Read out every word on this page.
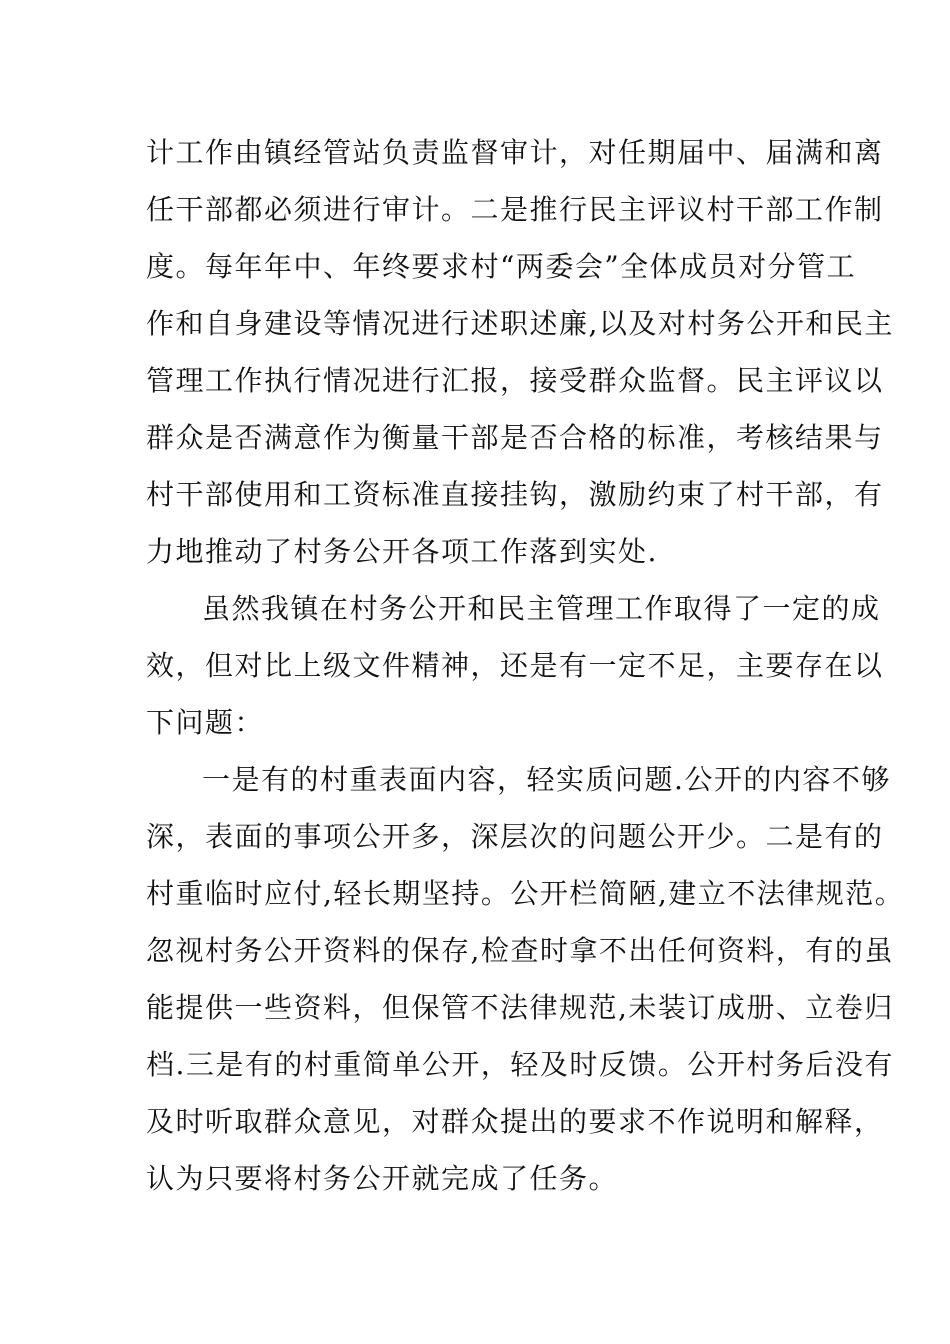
计工作由镇经管站负责监督审计，对任期届中、届满和离
任干部都必须进行审计。二是推行民主评议村干部工作制
度。每年年中、年终要求村“两委会”全体成员对分管工
作和自身建设等情况进行述职述廉,以及对村务公开和民主
管理工作执行情况进行汇报，接受群众监督。民主评议以
群众是否满意作为衡量干部是否合格的标准，考核结果与
村干部使用和工资标准直接挂钩，激励约束了村干部，有
力地推动了村务公开各项工作落到实处.
虽然我镇在村务公开和民主管理工作取得了一定的成
效，但对比上级文件精神，还是有一定不足，主要存在以
下问题：
一是有的村重表面内容，轻实质问题.公开的内容不够
深，表面的事项公开多，深层次的问题公开少。二是有的
村重临时应付,轻长期坚持。公开栏简陋,建立不法律规范。
忽视村务公开资料的保存,检查时拿不出任何资料，有的虽
能提供一些资料，但保管不法律规范,未装订成册、立卷归
档.三是有的村重简单公开，轻及时反馈。公开村务后没有
及时听取群众意见，对群众提出的要求不作说明和解释，
认为只要将村务公开就完成了任务。
